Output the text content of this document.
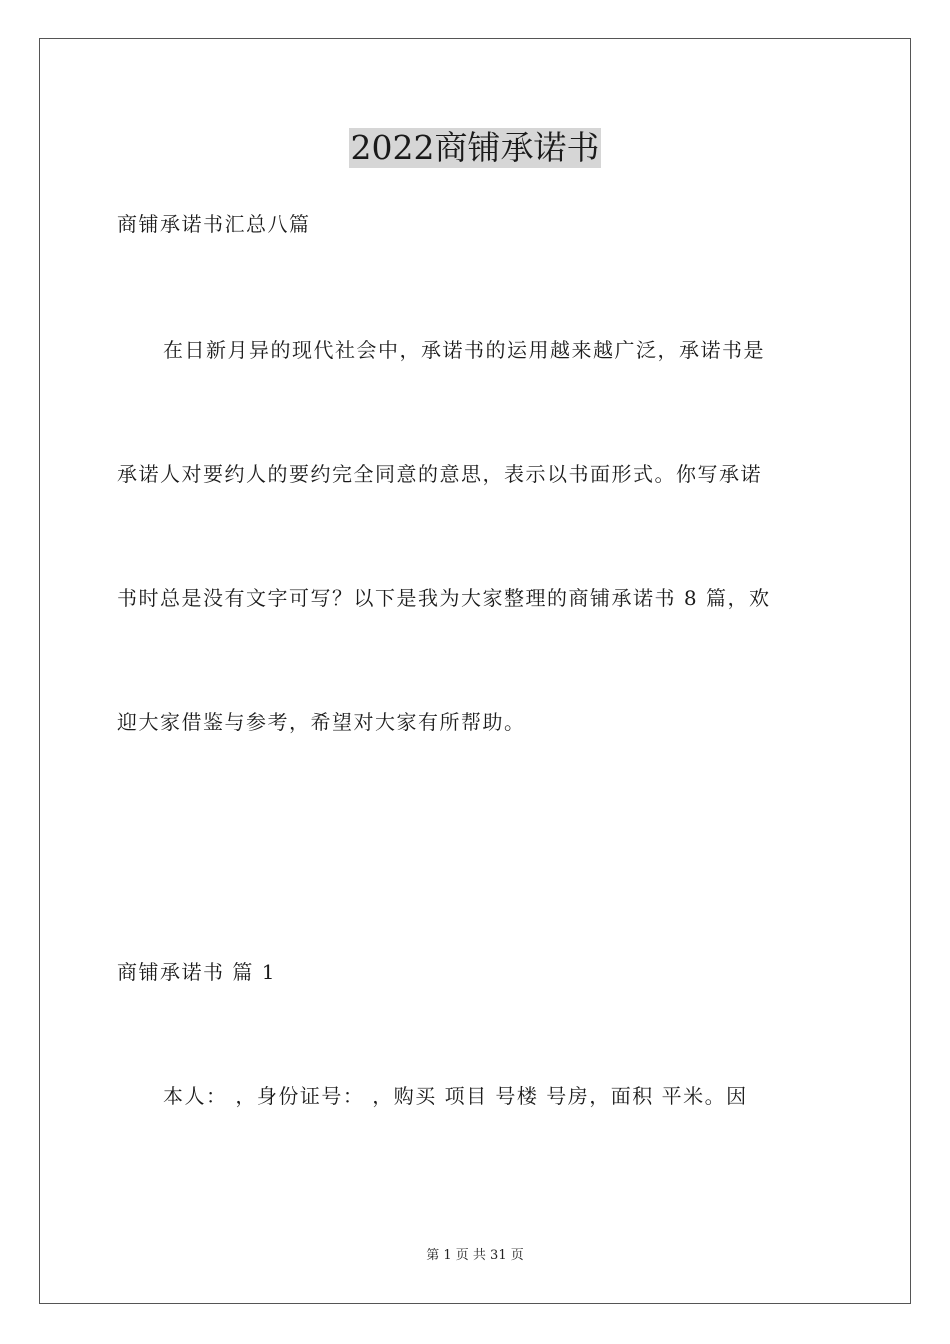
2022商铺承诺书
商铺承诺书汇总八篇
在日新月异的现代社会中，承诺书的运用越来越广泛，承诺书是
承诺人对要约人的要约完全同意的意思，表示以书面形式。你写承诺
书时总是没有文字可写？以下是我为大家整理的商铺承诺书 8 篇，欢
迎大家借鉴与参考，希望对大家有所帮助。
商铺承诺书 篇 1
本人： ，身份证号： ，购买 项目 号楼 号房，面积 平米。因
第 1 页 共 31 页
